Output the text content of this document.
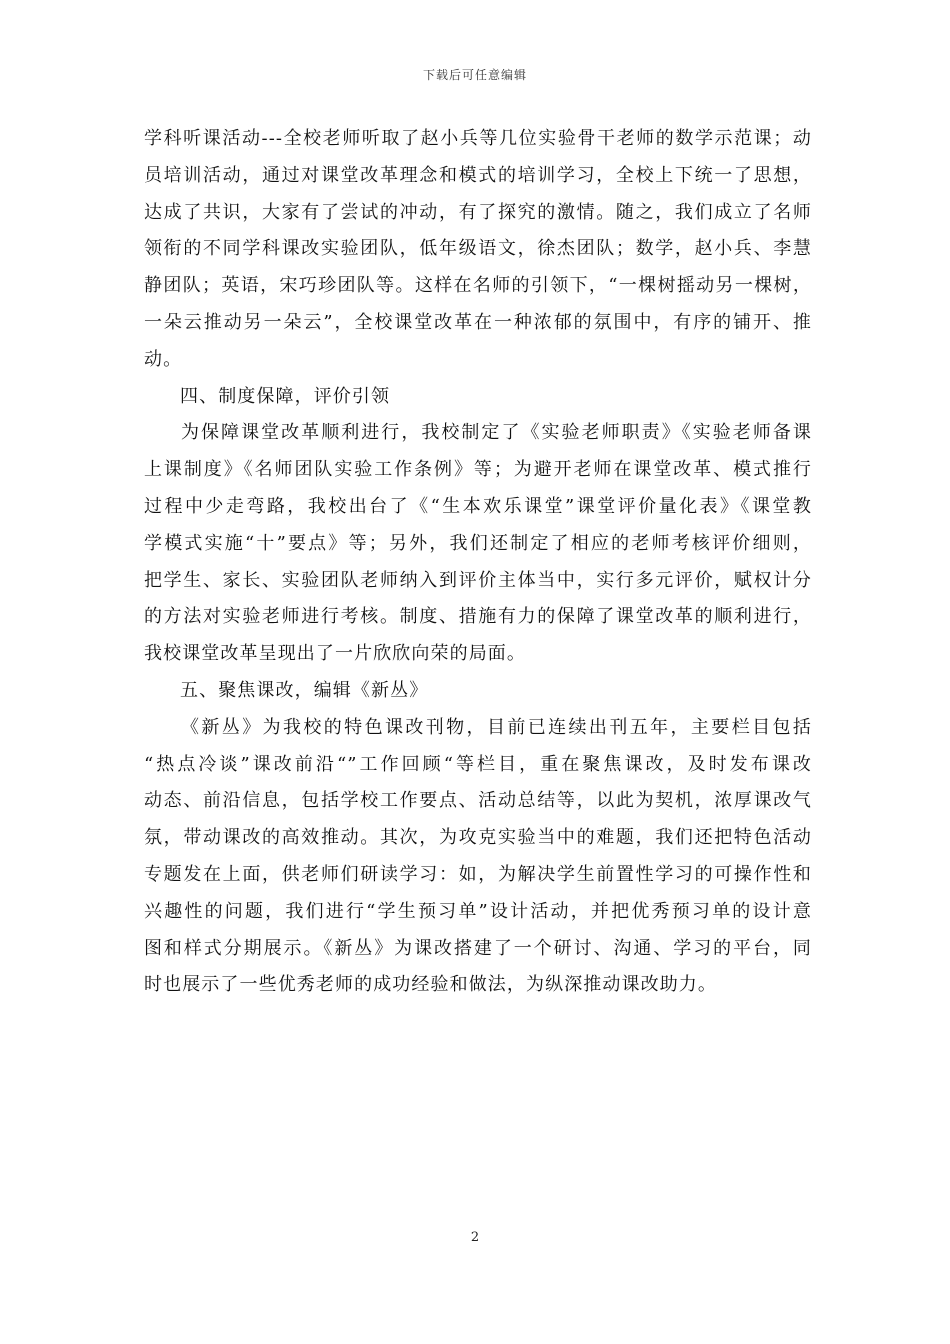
下载后可任意编辑
学科听课活动---全校老师听取了赵小兵等几位实验骨干老师的数学示范课；动
员培训活动，通过对课堂改革理念和模式的培训学习，全校上下统一了思想，
达成了共识，大家有了尝试的冲动，有了探究的激情。随之，我们成立了名师
领衔的不同学科课改实验团队，低年级语文，徐杰团队；数学，赵小兵、李慧
静团队；英语，宋巧珍团队等。这样在名师的引领下，“一棵树摇动另一棵树，
一朵云推动另一朵云”，全校课堂改革在一种浓郁的氛围中，有序的铺开、推
动。
四、制度保障，评价引领
为保障课堂改革顺利进行，我校制定了《实验老师职责》《实验老师备课
上课制度》《名师团队实验工作条例》等；为避开老师在课堂改革、模式推行
过程中少走弯路，我校出台了《“生本欢乐课堂”课堂评价量化表》《课堂教
学模式实施“十”要点》等；另外，我们还制定了相应的老师考核评价细则，
把学生、家长、实验团队老师纳入到评价主体当中，实行多元评价，赋权计分
的方法对实验老师进行考核。制度、措施有力的保障了课堂改革的顺利进行，
我校课堂改革呈现出了一片欣欣向荣的局面。
五、聚焦课改，编辑《新丛》
《新丛》为我校的特色课改刊物，目前已连续出刊五年，主要栏目包括
“热点冷谈”课改前沿“”工作回顾“等栏目，重在聚焦课改，及时发布课改
动态、前沿信息，包括学校工作要点、活动总结等，以此为契机，浓厚课改气
氛，带动课改的高效推动。其次，为攻克实验当中的难题，我们还把特色活动
专题发在上面，供老师们研读学习：如，为解决学生前置性学习的可操作性和
兴趣性的问题，我们进行“学生预习单”设计活动，并把优秀预习单的设计意
图和样式分期展示。《新丛》为课改搭建了一个研讨、沟通、学习的平台，同
时也展示了一些优秀老师的成功经验和做法，为纵深推动课改助力。
2
